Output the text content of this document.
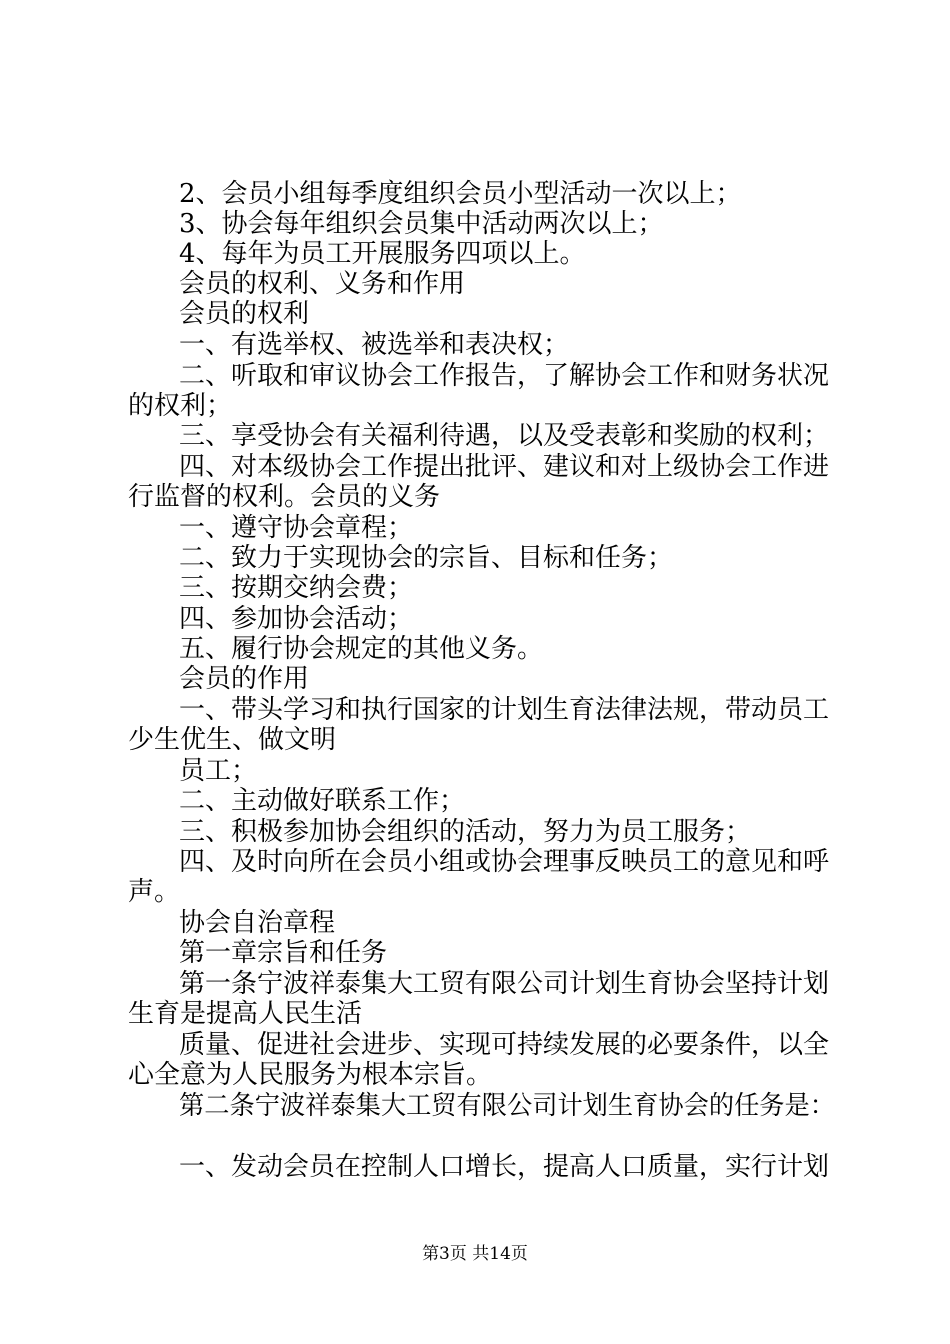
2、会员小组每季度组织会员小型活动一次以上；
3、协会每年组织会员集中活动两次以上；
4、每年为员工开展服务四项以上。
会员的权利、义务和作用
会员的权利
一、有选举权、被选举和表决权；
二、听取和审议协会工作报告，了解协会工作和财务状况
的权利；
三、享受协会有关福利待遇，以及受表彰和奖励的权利；
四、对本级协会工作提出批评、建议和对上级协会工作进
行监督的权利。会员的义务
一、遵守协会章程；
二、致力于实现协会的宗旨、目标和任务；
三、按期交纳会费；
四、参加协会活动；
五、履行协会规定的其他义务。
会员的作用
一、带头学习和执行国家的计划生育法律法规，带动员工
少生优生、做文明
员工；
二、主动做好联系工作；
三、积极参加协会组织的活动，努力为员工服务；
四、及时向所在会员小组或协会理事反映员工的意见和呼
声。
协会自治章程
第一章宗旨和任务
第一条宁波祥泰集大工贸有限公司计划生育协会坚持计划
生育是提高人民生活
质量、促进社会进步、实现可持续发展的必要条件，以全
心全意为人民服务为根本宗旨。
第二条宁波祥泰集大工贸有限公司计划生育协会的任务是：
一、发动会员在控制人口增长，提高人口质量，实行计划
第3页 共14页
